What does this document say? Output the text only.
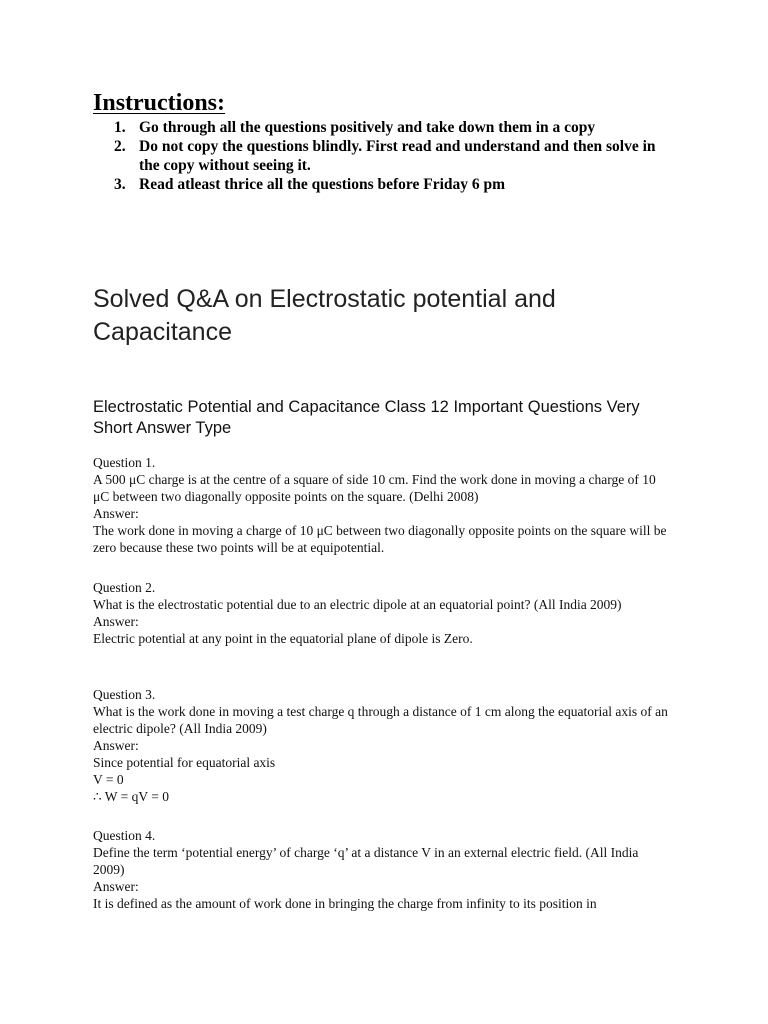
Instructions:
1. Go through all the questions positively and take down them in a copy
2. Do not copy the questions blindly. First read and understand and then solve in the copy without seeing it.
3. Read atleast thrice all the questions before Friday 6 pm
Solved Q&A on Electrostatic potential and Capacitance
Electrostatic Potential and Capacitance Class 12 Important Questions Very Short Answer Type
Question 1.
A 500 μC charge is at the centre of a square of side 10 cm. Find the work done in moving a charge of 10 μC between two diagonally opposite points on the square. (Delhi 2008)
Answer:
The work done in moving a charge of 10 μC between two diagonally opposite points on the square will be zero because these two points will be at equipotential.
Question 2.
What is the electrostatic potential due to an electric dipole at an equatorial point? (All India 2009)
Answer:
Electric potential at any point in the equatorial plane of dipole is Zero.
Question 3.
What is the work done in moving a test charge q through a distance of 1 cm along the equatorial axis of an electric dipole? (All India 2009)
Answer:
Since potential for equatorial axis
V = 0
∴ W = qV = 0
Question 4.
Define the term ‘potential energy’ of charge ‘q’ at a distance V in an external electric field. (All India 2009)
Answer:
It is defined as the amount of work done in bringing the charge from infinity to its position in
